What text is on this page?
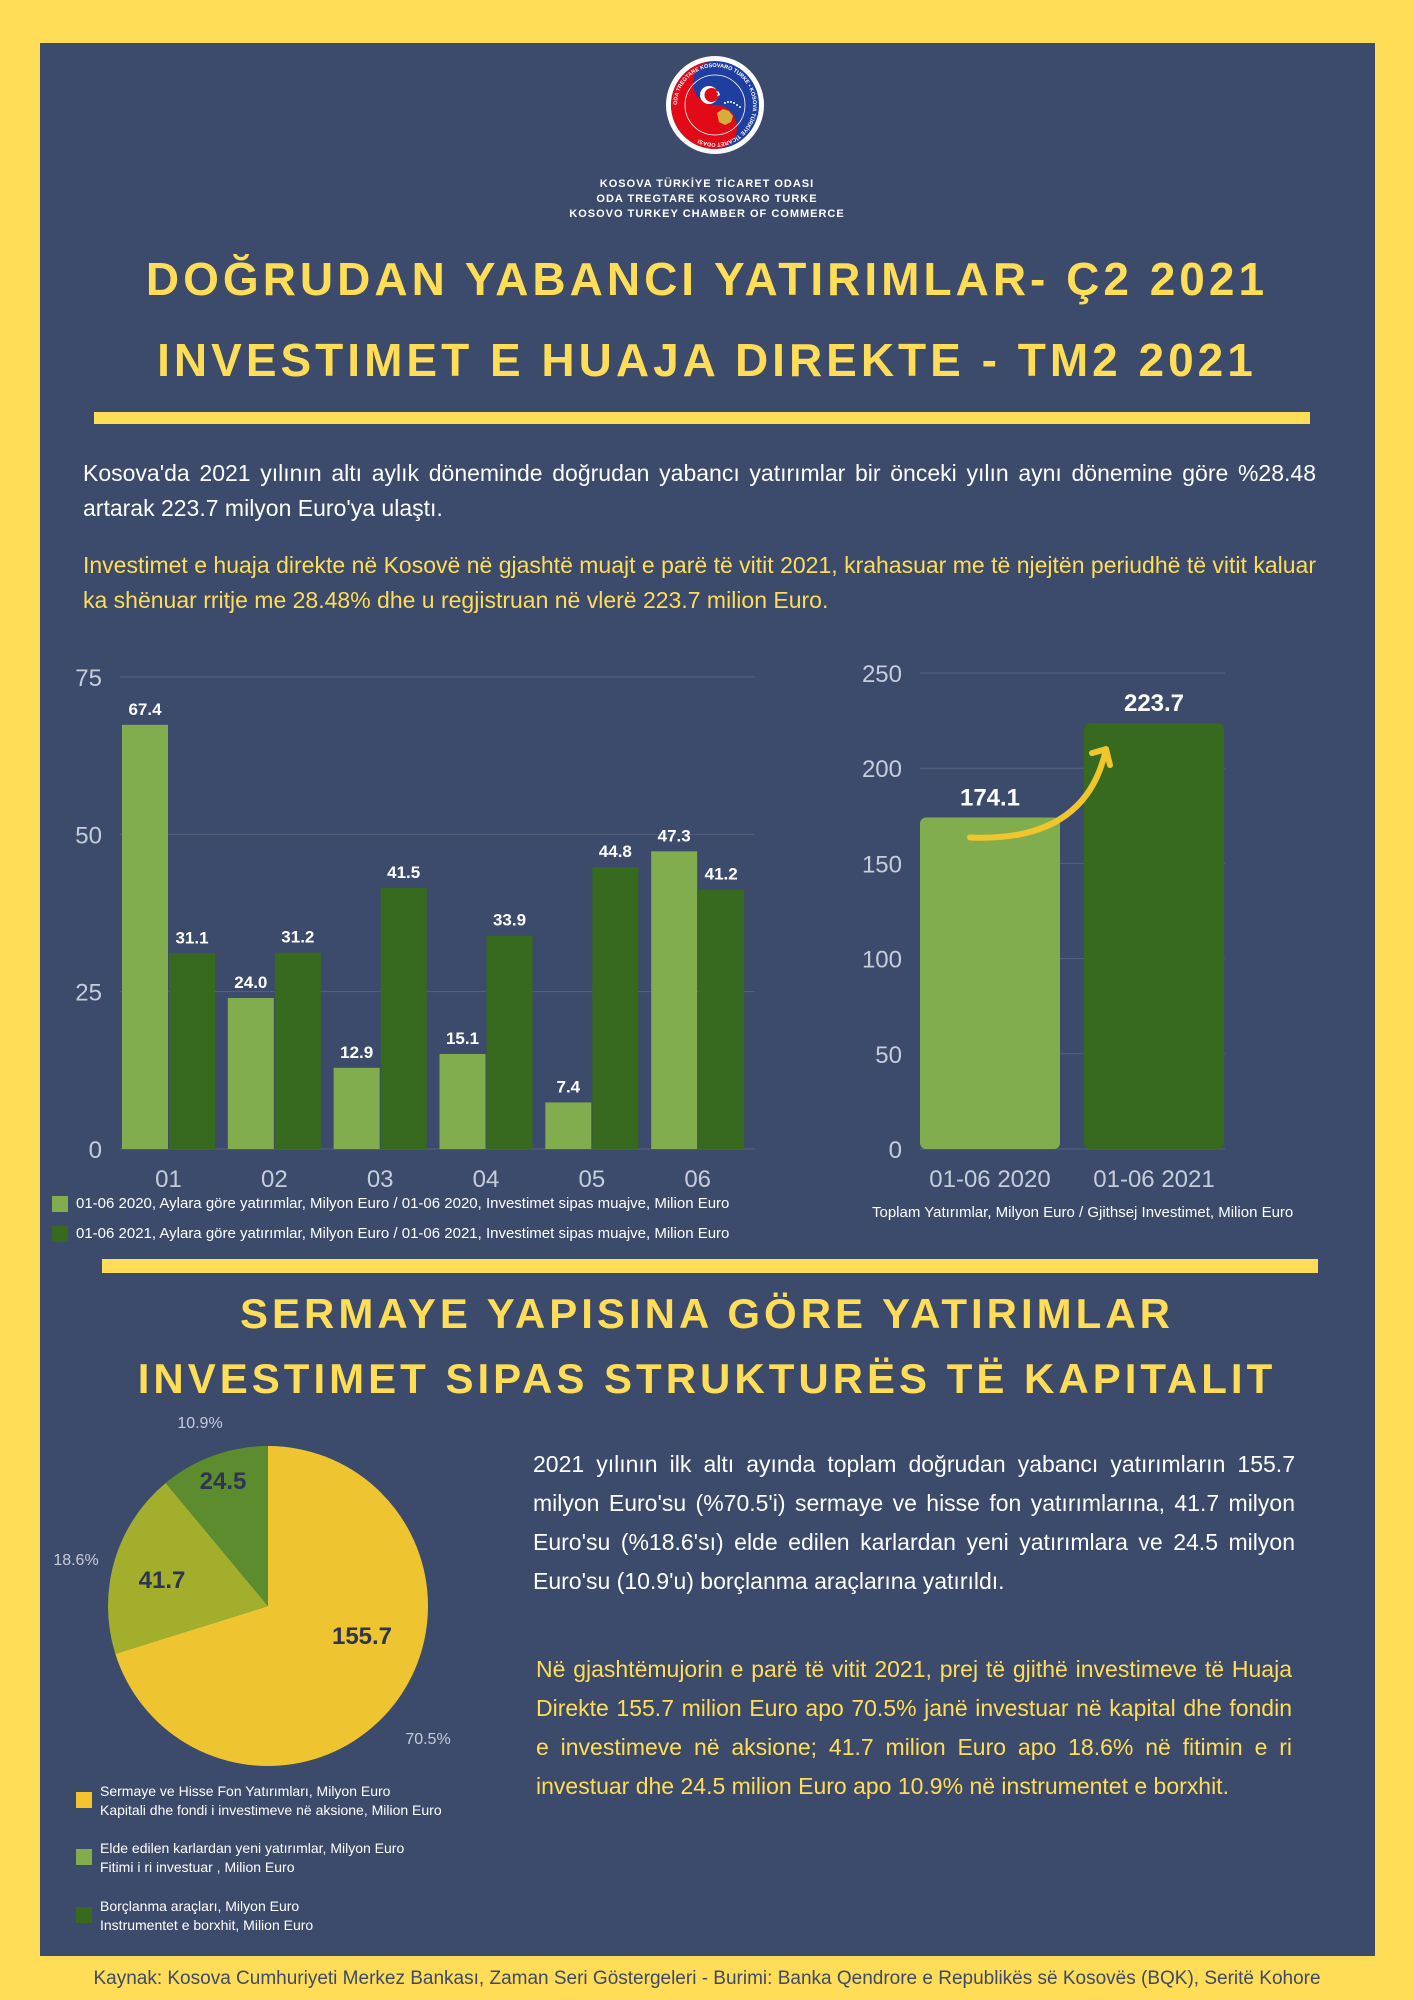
ODA TREGTARE KOSOVARO TURKE • KOSOVA TÜRKİYE TİCARET ODASI
KOSOVA TÜRKİYE TİCARET ODASI
ODA TREGTARE KOSOVARO TURKE
KOSOVO TURKEY CHAMBER OF COMMERCE
DOĞRUDAN YABANCI YATIRIMLAR- Ç2 2021
INVESTIMET E HUAJA DIREKTE - TM2 2021
Kosova'da 2021 yılının altı aylık döneminde doğrudan yabancı yatırımlar bir önceki yılın aynı dönemine göre %28.48 artarak 223.7 milyon Euro'ya ulaştı.
Investimet e huaja direkte në Kosovë në gjashtë muajt e parë të vitit 2021, krahasuar me të njejtën periudhë të vitit kaluar ka shënuar rritje me 28.48% dhe u regjistruan në vlerë 223.7 milion Euro.
0
25
50
75
67.4
31.1
01
24.0
31.2
02
12.9
41.5
03
15.1
33.9
04
7.4
44.8
05
47.3
41.2
06
01-06 2020, Aylara göre yatırımlar, Milyon Euro / 01-06 2020, Investimet sipas muajve, Milion Euro
01-06 2021, Aylara göre yatırımlar, Milyon Euro / 01-06 2021, Investimet sipas muajve, Milion Euro
0
50
100
150
200
250
174.1
01-06 2020
223.7
01-06 2021
Toplam Yatırımlar, Milyon Euro / Gjithsej Investimet, Milion Euro
SERMAYE YAPISINA GÖRE YATIRIMLAR
INVESTIMET SIPAS STRUKTURËS TË KAPITALIT
155.7
70.5%
41.7
18.6%
24.5
10.9%
Sermaye ve Hisse Fon Yatırımları, Milyon Euro
Kapitali dhe fondi i investimeve në aksione, Milion Euro
Elde edilen karlardan yeni yatırımlar, Milyon Euro
Fitimi i ri investuar , Milion Euro
Borçlanma araçları, Milyon Euro
Instrumentet e borxhit, Milion Euro
2021 yılının ilk altı ayında toplam doğrudan yabancı yatırımların 155.7 milyon Euro'su (%70.5'i) sermaye ve hisse fon yatırımlarına, 41.7 milyon Euro'su (%18.6'sı) elde edilen karlardan yeni yatırımlara ve 24.5 milyon Euro'su (10.9'u) borçlanma araçlarına yatırıldı.
Në gjashtëmujorin e parë të vitit 2021, prej të gjithë investimeve të Huaja Direkte 155.7 milion Euro apo 70.5% janë investuar në kapital dhe fondin e investimeve në aksione; 41.7 milion Euro apo 18.6% në fitimin e ri investuar dhe 24.5 milion Euro apo 10.9% në instrumentet e borxhit.
Kaynak: Kosova Cumhuriyeti Merkez Bankası, Zaman Seri Göstergeleri - Burimi: Banka Qendrore e Republikës së Kosovës (BQK), Seritë Kohore
